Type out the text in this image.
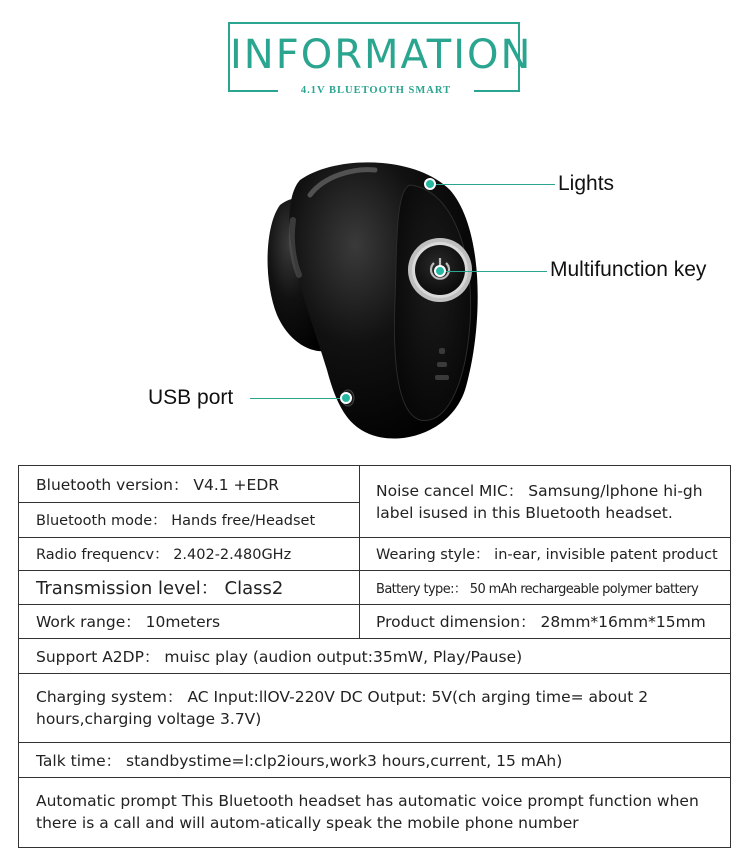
INFORMATION
4.1V BLUETOOTH SMART
Lights
Multifunction key
USB port
Bluetooth version： V4.1 +EDR
Bluetooth mode： Hands free/Headset
Noise cancel MIC： Samsung/lphone hi-gh label isused in this Bluetooth headset.
Radio frequencv： 2.402-2.480GHz	Wearing style： in-ear, invisible patent product
Transmission level： Class2	Battery type:： 50 mAh rechargeable polymer battery
Work range： 10meters	Product dimension： 28mm*16mm*15mm
Support A2DP： muisc play (audion output:35mW, Play/Pause)
Charging system： AC Input:llOV-220V DC Output: 5V(ch arging time= about 2 hours,charging voltage 3.7V)
Talk time： standbystime=l:clp2iours,work3 hours,current, 15 mAh)
Automatic prompt This Bluetooth headset has automatic voice prompt function when there is a call and will autom-atically speak the mobile phone number
